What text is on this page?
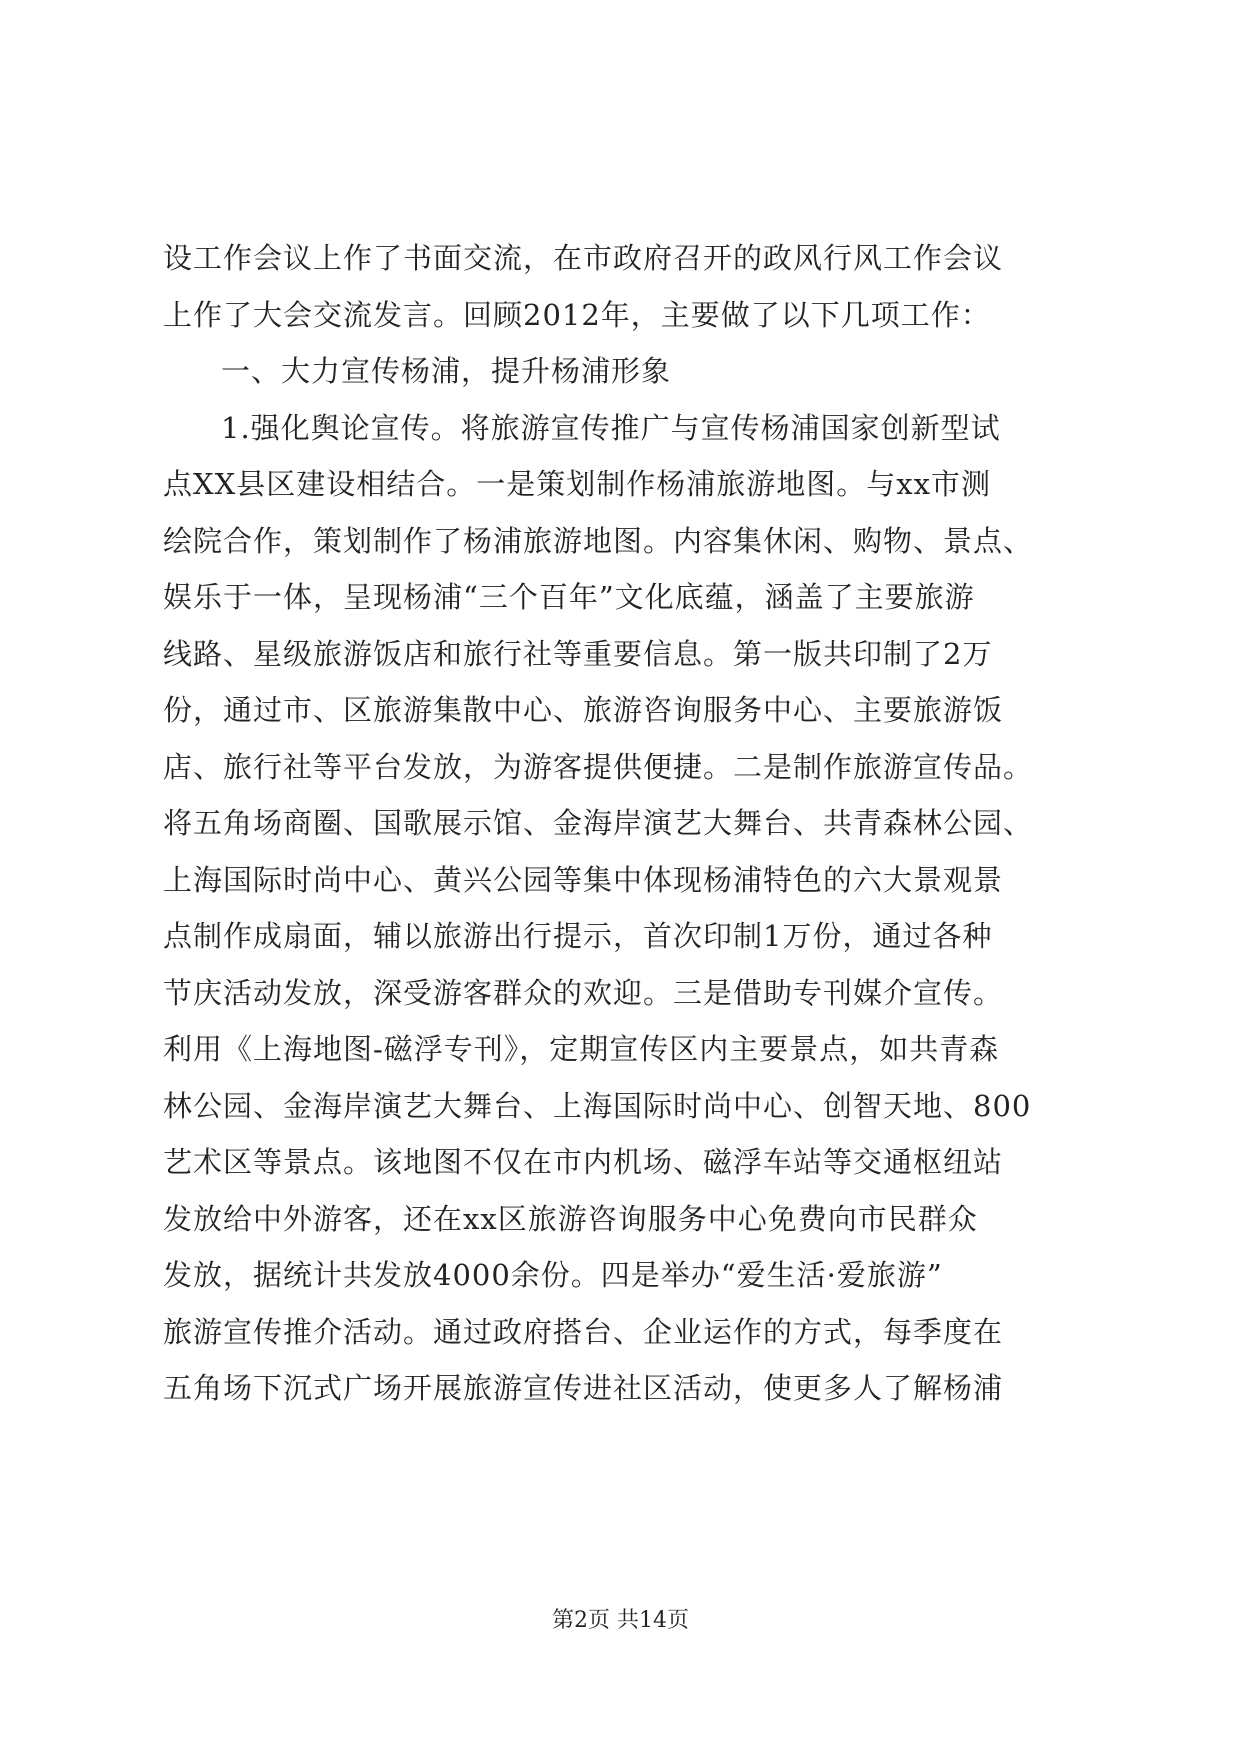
设工作会议上作了书面交流，在市政府召开的政风行风工作会议
上作了大会交流发言。回顾2012年，主要做了以下几项工作：
一、大力宣传杨浦，提升杨浦形象
1.强化舆论宣传。将旅游宣传推广与宣传杨浦国家创新型试
点XX县区建设相结合。一是策划制作杨浦旅游地图。与xx市测
绘院合作，策划制作了杨浦旅游地图。内容集休闲、购物、景点、
娱乐于一体，呈现杨浦“三个百年”文化底蕴，涵盖了主要旅游
线路、星级旅游饭店和旅行社等重要信息。第一版共印制了2万
份，通过市、区旅游集散中心、旅游咨询服务中心、主要旅游饭
店、旅行社等平台发放，为游客提供便捷。二是制作旅游宣传品。
将五角场商圈、国歌展示馆、金海岸演艺大舞台、共青森林公园、
上海国际时尚中心、黄兴公园等集中体现杨浦特色的六大景观景
点制作成扇面，辅以旅游出行提示，首次印制1万份，通过各种
节庆活动发放，深受游客群众的欢迎。三是借助专刊媒介宣传。
利用《上海地图-磁浮专刊》，定期宣传区内主要景点，如共青森
林公园、金海岸演艺大舞台、上海国际时尚中心、创智天地、800
艺术区等景点。该地图不仅在市内机场、磁浮车站等交通枢纽站
发放给中外游客，还在xx区旅游咨询服务中心免费向市民群众
发放，据统计共发放4000余份。四是举办“爱生活·爱旅游”
旅游宣传推介活动。通过政府搭台、企业运作的方式，每季度在
五角场下沉式广场开展旅游宣传进社区活动，使更多人了解杨浦
第2页 共14页
